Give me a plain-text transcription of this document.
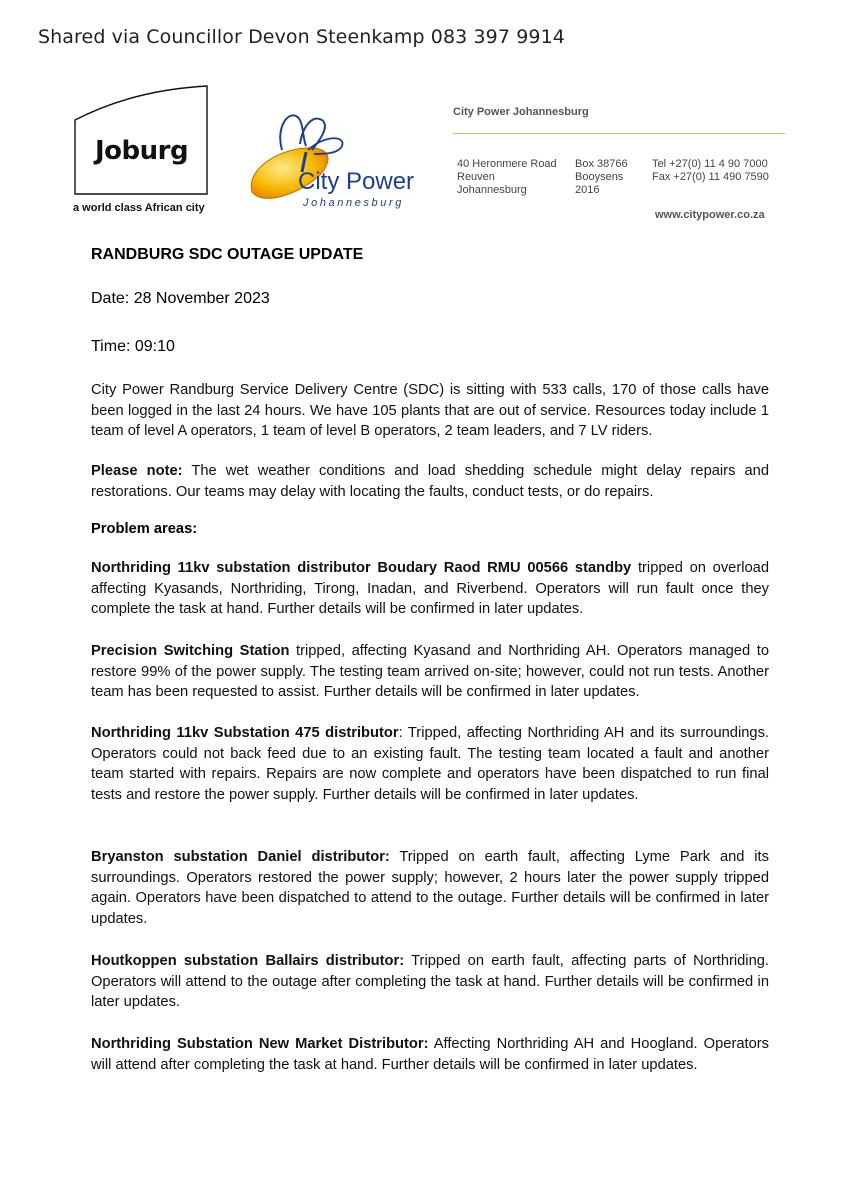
Shared via Councillor Devon Steenkamp 083 397 9914
Joburg
a world class African city
City Power
Johannesburg
City Power Johannesburg
40 Heronmere Road
Reuven
Johannesburg
Box 38766
Booysens
2016
Tel +27(0) 11 4 90 7000
Fax +27(0) 11 490 7590
www.citypower.co.za
RANDBURG SDC OUTAGE UPDATE
Date: 28 November 2023
Time: 09:10
City Power Randburg Service Delivery Centre (SDC) is sitting with 533 calls, 170 of those calls have been logged in the last 24 hours. We have 105 plants that are out of service. Resources today include 1 team of level A operators, 1 team of level B operators, 2 team leaders, and 7 LV riders.
Please note: The wet weather conditions and load shedding schedule might delay repairs and restorations. Our teams may delay with locating the faults, conduct tests, or do repairs.
Problem areas:
Northriding 11kv substation distributor Boudary Raod RMU 00566 standby tripped on overload affecting Kyasands, Northriding, Tirong, Inadan, and Riverbend. Operators will run fault once they complete the task at hand. Further details will be confirmed in later updates.
Precision Switching Station tripped, affecting Kyasand and Northriding AH. Operators managed to restore 99% of the power supply. The testing team arrived on-site; however, could not run tests. Another team has been requested to assist. Further details will be confirmed in later updates.
Northriding 11kv Substation 475 distributor: Tripped, affecting Northriding AH and its surroundings. Operators could not back feed due to an existing fault. The testing team located a fault and another team started with repairs. Repairs are now complete and operators have been dispatched to run final tests and restore the power supply. Further details will be confirmed in later updates.
Bryanston substation Daniel distributor: Tripped on earth fault, affecting Lyme Park and its surroundings. Operators restored the power supply; however, 2 hours later the power supply tripped again. Operators have been dispatched to attend to the outage. Further details will be confirmed in later updates.
Houtkoppen substation Ballairs distributor: Tripped on earth fault, affecting parts of Northriding. Operators will attend to the outage after completing the task at hand. Further details will be confirmed in later updates.
Northriding Substation New Market Distributor: Affecting Northriding AH and Hoogland. Operators will attend after completing the task at hand. Further details will be confirmed in later updates.
